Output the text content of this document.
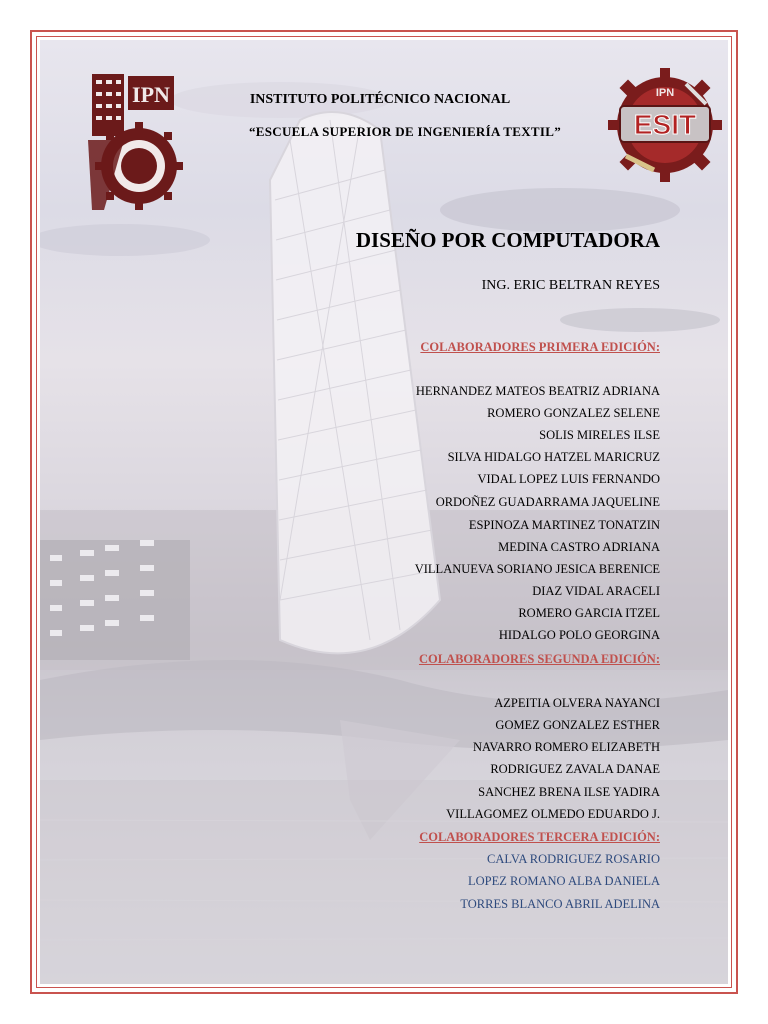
IPN
ESIT
IPN
INSTITUTO POLITÉCNICO NACIONAL
“ESCUELA SUPERIOR DE INGENIERÍA TEXTIL”
DISEÑO POR COMPUTADORA
ING. ERIC BELTRAN REYES
COLABORADORES PRIMERA EDICIÓN:
HERNANDEZ MATEOS BEATRIZ ADRIANA
ROMERO GONZALEZ SELENE
SOLIS MIRELES ILSE
SILVA HIDALGO HATZEL MARICRUZ
VIDAL LOPEZ LUIS FERNANDO
ORDOÑEZ GUADARRAMA JAQUELINE
ESPINOZA MARTINEZ TONATZIN
MEDINA CASTRO ADRIANA
VILLANUEVA SORIANO JESICA BERENICE
DIAZ VIDAL ARACELI
ROMERO GARCIA ITZEL
HIDALGO POLO GEORGINA
COLABORADORES SEGUNDA EDICIÓN:
AZPEITIA OLVERA NAYANCI
GOMEZ GONZALEZ ESTHER
NAVARRO ROMERO ELIZABETH
RODRIGUEZ ZAVALA DANAE
SANCHEZ BRENA ILSE YADIRA
VILLAGOMEZ OLMEDO EDUARDO J.
COLABORADORES TERCERA EDICIÓN:
CALVA RODRIGUEZ ROSARIO
LOPEZ ROMANO ALBA DANIELA
TORRES BLANCO ABRIL ADELINA
